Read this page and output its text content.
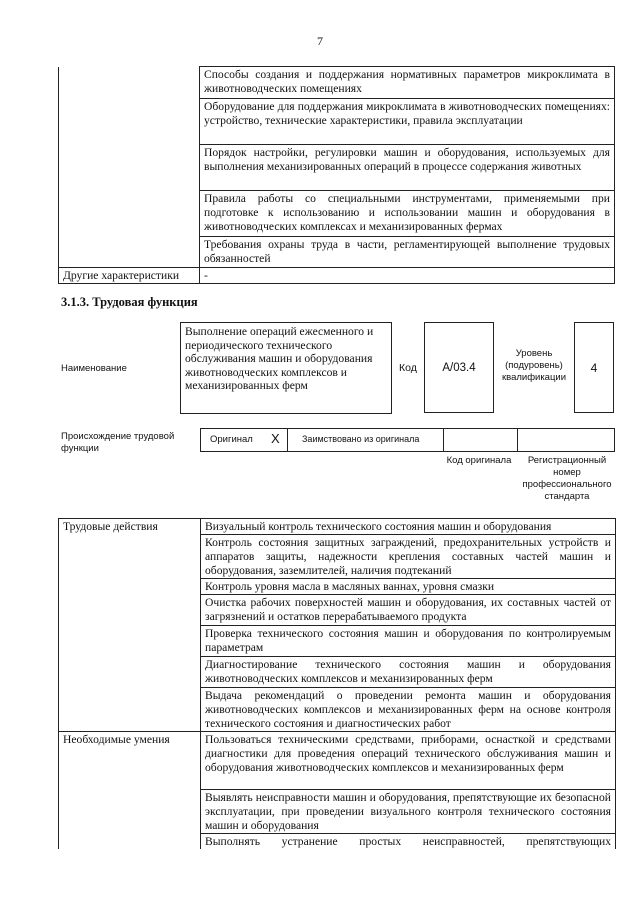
7
	Способы создания и поддержания нормативных параметров микроклимата в животноводческих помещениях
	Оборудование для поддержания микроклимата в животноводческих помещениях: устройство, технические характеристики, правила эксплуатации
	Порядок настройки, регулировки машин и оборудования, используемых для выполнения механизированных операций в процессе содержания животных
	Правила работы со специальными инструментами, применяемыми при подготовке к использованию и использовании машин и оборудования в животноводческих комплексах и механизированных фермах
	Требования охраны труда в части, регламентирующей выполнение трудовых обязанностей
Другие характеристики	-
3.1.3. Трудовая функция
Наименование
Выполнение операций ежесменного и периодического технического обслуживания машин и оборудования животноводческих комплексов и механизированных ферм
Код A/03.4
Уровень (подуровень) квалификации
4
Происхождение трудовой функции
Оригинал X Заимствовано из оригинала
Код оригинала	Регистрационный номер профессионального стандарта
Трудовые действия	Визуальный контроль технического состояния машин и оборудования
	Контроль состояния защитных заграждений, предохранительных устройств и аппаратов защиты, надежности крепления составных частей машин и оборудования, заземлителей, наличия подтеканий
	Контроль уровня масла в масляных ваннах, уровня смазки
	Очистка рабочих поверхностей машин и оборудования, их составных частей от загрязнений и остатков перерабатываемого продукта
	Проверка технического состояния машин и оборудования по контролируемым параметрам
	Диагностирование технического состояния машин и оборудования животноводческих комплексов и механизированных ферм
	Выдача рекомендаций о проведении ремонта машин и оборудования животноводческих комплексов и механизированных ферм на основе контроля технического состояния и диагностических работ
Необходимые умения	Пользоваться техническими средствами, приборами, оснасткой и средствами диагностики для проведения операций технического обслуживания машин и оборудования животноводческих комплексов и механизированных ферм
	Выявлять неисправности машин и оборудования, препятствующие их безопасной эксплуатации, при проведении визуального контроля технического состояния машин и оборудования
	Выполнять устранение простых неисправностей, препятствующих
